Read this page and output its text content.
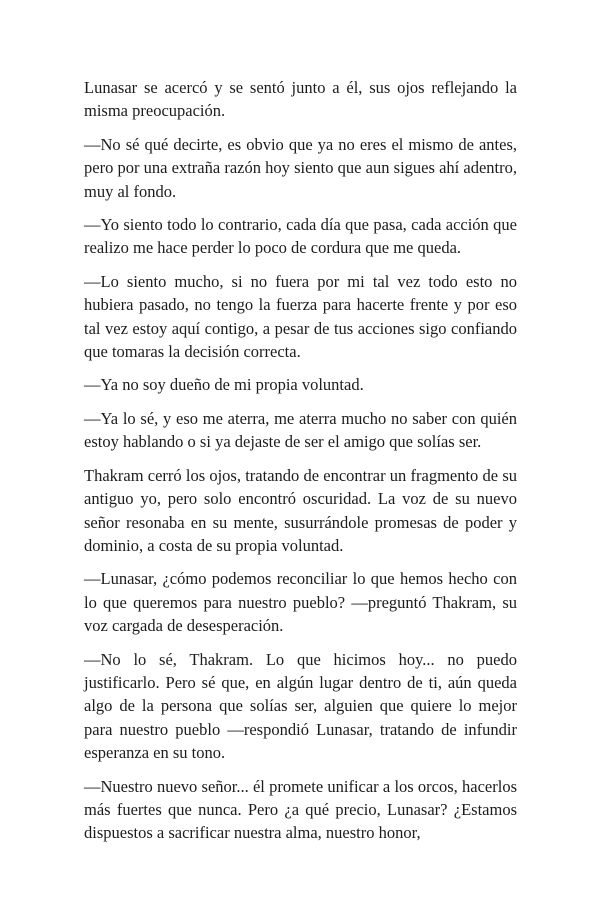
Lunasar se acercó y se sentó junto a él, sus ojos reflejando la misma preocupación.

—No sé qué decirte, es obvio que ya no eres el mismo de antes, pero por una extraña razón hoy siento que aun sigues ahí adentro, muy al fondo.

—Yo siento todo lo contrario, cada día que pasa, cada acción que realizo me hace perder lo poco de cordura que me queda.

—Lo siento mucho, si no fuera por mi tal vez todo esto no hubiera pasado, no tengo la fuerza para hacerte frente y por eso tal vez estoy aquí contigo, a pesar de tus acciones sigo confiando que tomaras la decisión correcta.

—Ya no soy dueño de mi propia voluntad.

—Ya lo sé, y eso me aterra, me aterra mucho no saber con quién estoy hablando o si ya dejaste de ser el amigo que solías ser.

Thakram cerró los ojos, tratando de encontrar un fragmento de su antiguo yo, pero solo encontró oscuridad. La voz de su nuevo señor resonaba en su mente, susurrándole promesas de poder y dominio, a costa de su propia voluntad.

—Lunasar, ¿cómo podemos reconciliar lo que hemos hecho con lo que queremos para nuestro pueblo? —preguntó Thakram, su voz cargada de desesperación.

—No lo sé, Thakram. Lo que hicimos hoy... no puedo justificarlo. Pero sé que, en algún lugar dentro de ti, aún queda algo de la persona que solías ser, alguien que quiere lo mejor para nuestro pueblo —respondió Lunasar, tratando de infundir esperanza en su tono.

—Nuestro nuevo señor... él promete unificar a los orcos, hacerlos más fuertes que nunca. Pero ¿a qué precio, Lunasar? ¿Estamos dispuestos a sacrificar nuestra alma, nuestro honor,
